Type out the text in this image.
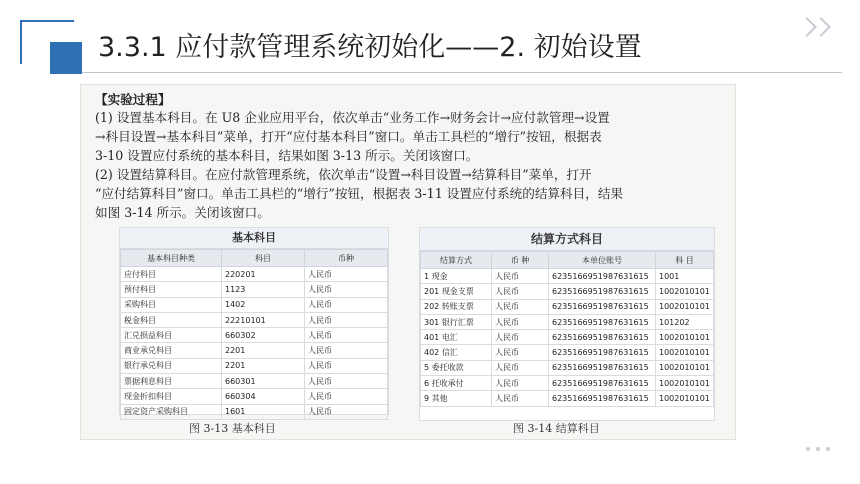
3.3.1 应付款管理系统初始化——2. 初始设置
【实验过程】
(1) 设置基本科目。在 U8 企业应用平台，依次单击“业务工作→财务会计→应付款管理→设置
→科目设置→基本科目”菜单，打开“应付基本科目”窗口。单击工具栏的“增行”按钮，根据表
3-10 设置应付系统的基本科目，结果如图 3-13 所示。关闭该窗口。
(2) 设置结算科目。在应付款管理系统，依次单击“设置→科目设置→结算科目”菜单，打开
“应付结算科目”窗口。单击工具栏的“增行”按钮，根据表 3-11 设置应付系统的结算科目，结果
如图 3-14 所示。关闭该窗口。
基本科目
基本科目种类	科目	币种
应付科目	220201	人民币
预付科目	1123	人民币
采购科目	1402	人民币
税金科目	22210101	人民币
汇兑损益科目	660302	人民币
商业承兑科目	2201	人民币
银行承兑科目	2201	人民币
票据利息科目	660301	人民币
现金折扣科目	660304	人民币
固定资产采购科目	1601	人民币
图 3-13 基本科目
结算方式科目
结算方式	币 种	本单位账号	科 目
1 现金	人民币	6235166951987631615	1001
201 现金支票	人民币	6235166951987631615	1002010101
202 转账支票	人民币	6235166951987631615	1002010101
301 银行汇票	人民币	6235166951987631615	101202
401 电汇	人民币	6235166951987631615	1002010101
402 信汇	人民币	6235166951987631615	1002010101
5 委托收款	人民币	6235166951987631615	1002010101
6 托收承付	人民币	6235166951987631615	1002010101
9 其他	人民币	6235166951987631615	1002010101
图 3-14 结算科目
